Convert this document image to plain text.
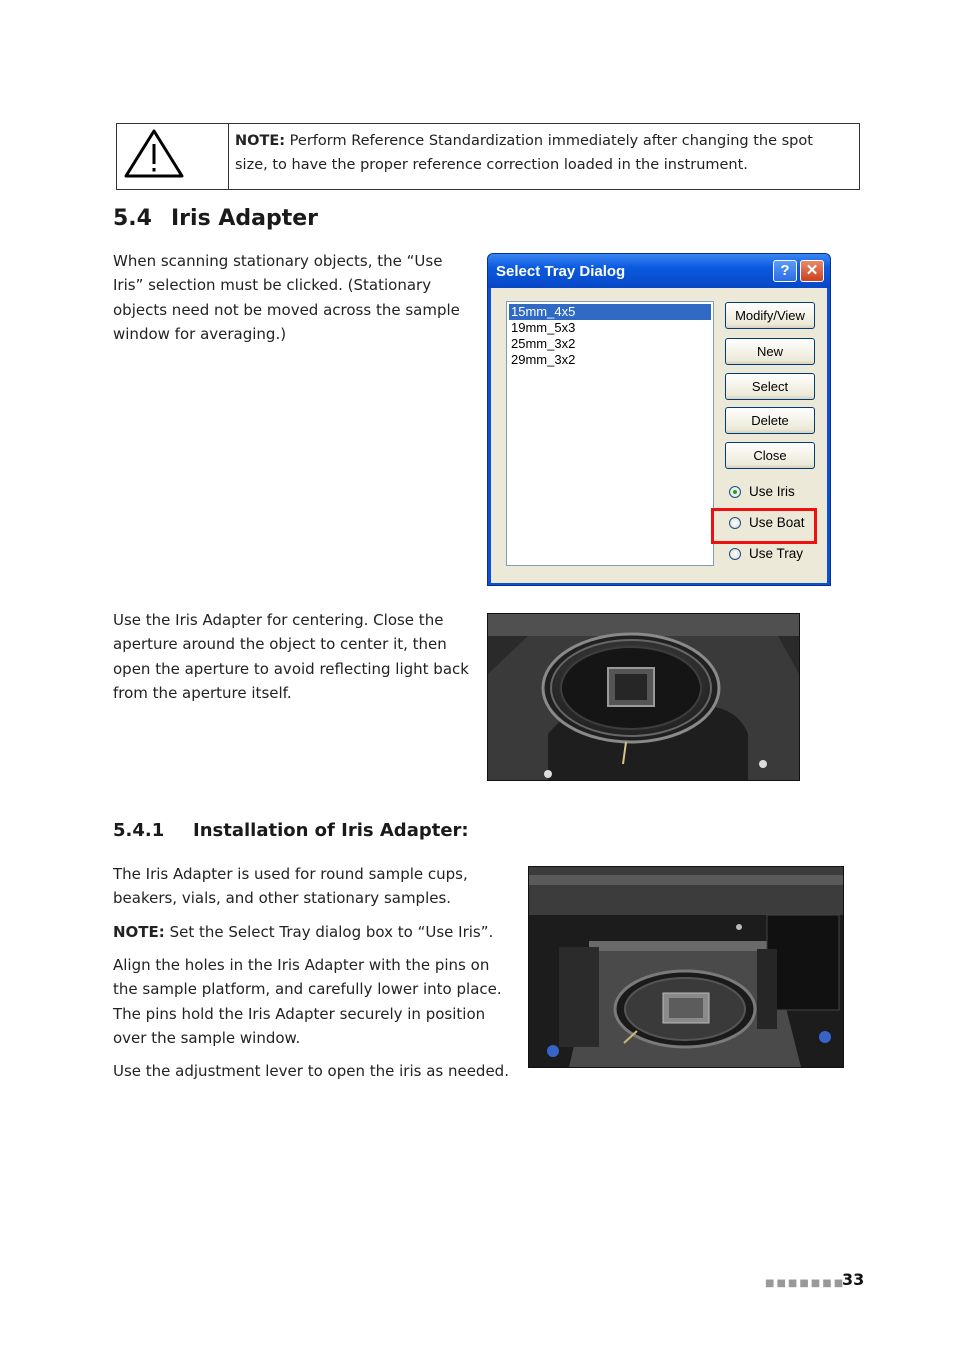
NOTE: Perform Reference Standardization immediately after changing the spot size, to have the proper reference correction loaded in the instrument.
5.4 Iris Adapter

When scanning stationary objects, the “Use Iris” selection must be clicked. (Stationary objects need not be moved across the sample window for averaging.)

Select Tray Dialog	?	✕
15mm_4x5
19mm_5x3
25mm_3x2
29mm_3x2
Modify/View
New
Select
Delete
Close
Use Iris
Use Boat
Use Tray

Use the Iris Adapter for centering. Close the aperture around the object to center it, then open the aperture to avoid reflecting light back from the aperture itself.

5.4.1 Installation of Iris Adapter:

The Iris Adapter is used for round sample cups, beakers, vials, and other stationary samples.

NOTE: Set the Select Tray dialog box to “Use Iris”.

Align the holes in the Iris Adapter with the pins on the sample platform, and carefully lower into place. The pins hold the Iris Adapter securely in position over the sample window.

Use the adjustment lever to open the iris as needed.

■■■■■■■
33
